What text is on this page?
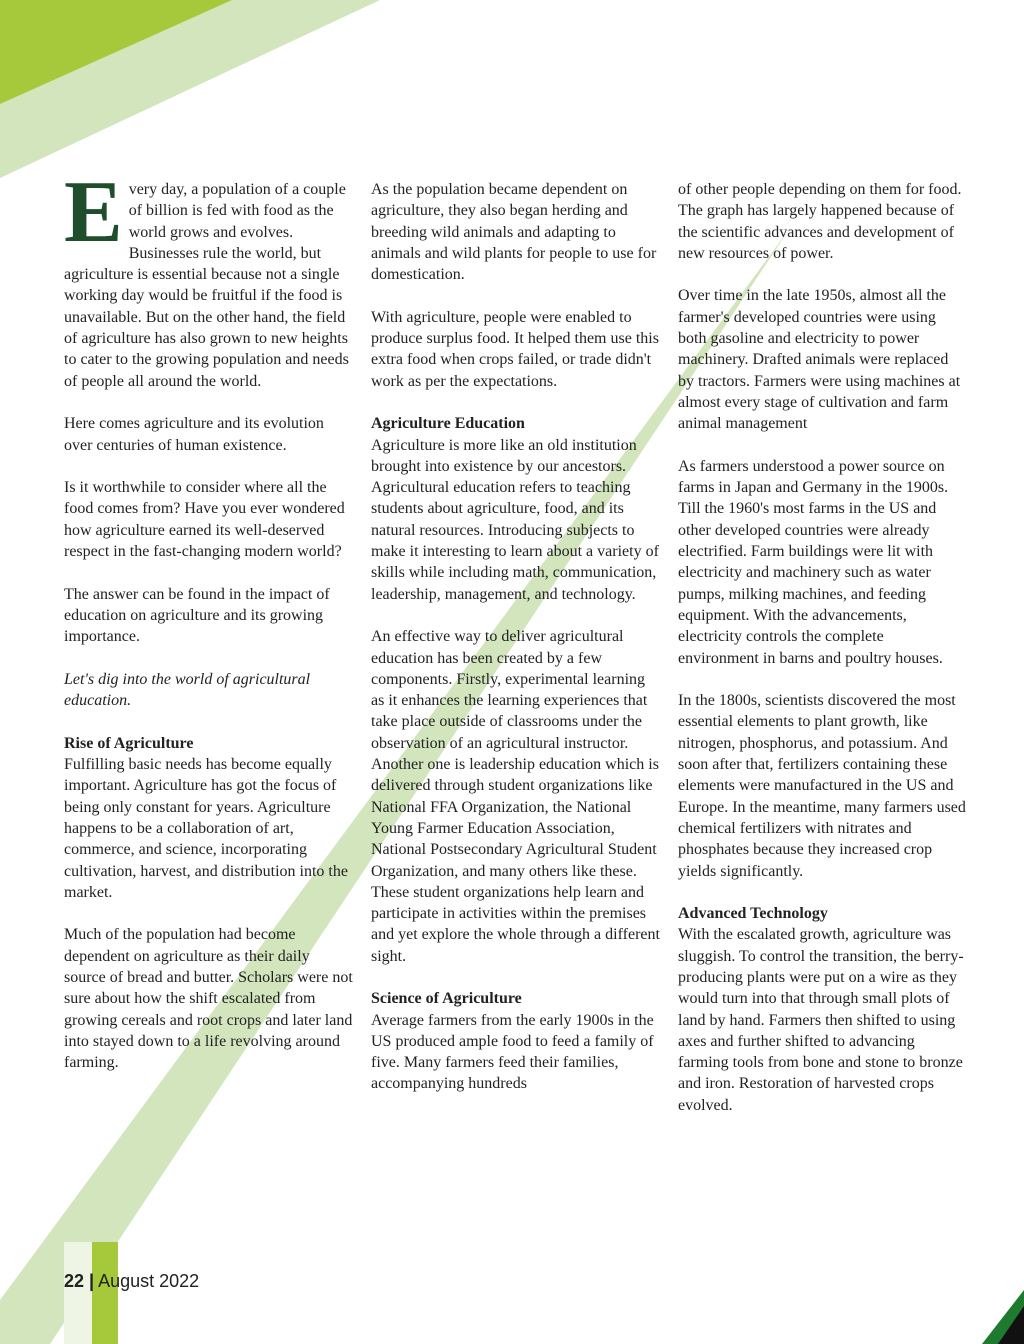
Every day, a population of a couple of billion is fed with food as the world grows and evolves. Businesses rule the world, but agriculture is essential because not a single working day would be fruitful if the food is unavailable. But on the other hand, the field of agriculture has also grown to new heights to cater to the growing population and needs of people all around the world.

Here comes agriculture and its evolution over centuries of human existence.

Is it worthwhile to consider where all the food comes from? Have you ever wondered how agriculture earned its well-deserved respect in the fast-changing modern world?

The answer can be found in the impact of education on agriculture and its growing importance.

Let's dig into the world of agricultural education.

Rise of Agriculture

Fulfilling basic needs has become equally important. Agriculture has got the focus of being only constant for years. Agriculture happens to be a collaboration of art, commerce, and science, incorporating cultivation, harvest, and distribution into the market.

Much of the population had become dependent on agriculture as their daily source of bread and butter. Scholars were not sure about how the shift escalated from growing cereals and root crops and later land into stayed down to a life revolving around farming.

As the population became dependent on agriculture, they also began herding and breeding wild animals and adapting to animals and wild plants for people to use for domestication.

With agriculture, people were enabled to produce surplus food. It helped them use this extra food when crops failed, or trade didn't work as per the expectations.

Agriculture Education

Agriculture is more like an old institution brought into existence by our ancestors. Agricultural education refers to teaching students about agriculture, food, and its natural resources. Introducing subjects to make it interesting to learn about a variety of skills while including math, communication, leadership, management, and technology.

An effective way to deliver agricultural education has been created by a few components. Firstly, experimental learning as it enhances the learning experiences that take place outside of classrooms under the observation of an agricultural instructor. Another one is leadership education which is delivered through student organizations like National FFA Organization, the National Young Farmer Education Association, National Postsecondary Agricultural Student Organization, and many others like these. These student organizations help learn and participate in activities within the premises and yet explore the whole through a different sight.

Science of Agriculture

Average farmers from the early 1900s in the US produced ample food to feed a family of five. Many farmers feed their families, accompanying hundreds

of other people depending on them for food. The graph has largely happened because of the scientific advances and development of new resources of power.

Over time in the late 1950s, almost all the farmer's developed countries were using both gasoline and electricity to power machinery. Drafted animals were replaced by tractors. Farmers were using machines at almost every stage of cultivation and farm animal management

As farmers understood a power source on farms in Japan and Germany in the 1900s. Till the 1960's most farms in the US and other developed countries were already electrified. Farm buildings were lit with electricity and machinery such as water pumps, milking machines, and feeding equipment. With the advancements, electricity controls the complete environment in barns and poultry houses.

In the 1800s, scientists discovered the most essential elements to plant growth, like nitrogen, phosphorus, and potassium. And soon after that, fertilizers containing these elements were manufactured in the US and Europe. In the meantime, many farmers used chemical fertilizers with nitrates and phosphates because they increased crop yields significantly.

Advanced Technology

With the escalated growth, agriculture was sluggish. To control the transition, the berry-producing plants were put on a wire as they would turn into that through small plots of land by hand. Farmers then shifted to using axes and further shifted to advancing farming tools from bone and stone to bronze and iron. Restoration of harvested crops evolved.

22 | August 2022
